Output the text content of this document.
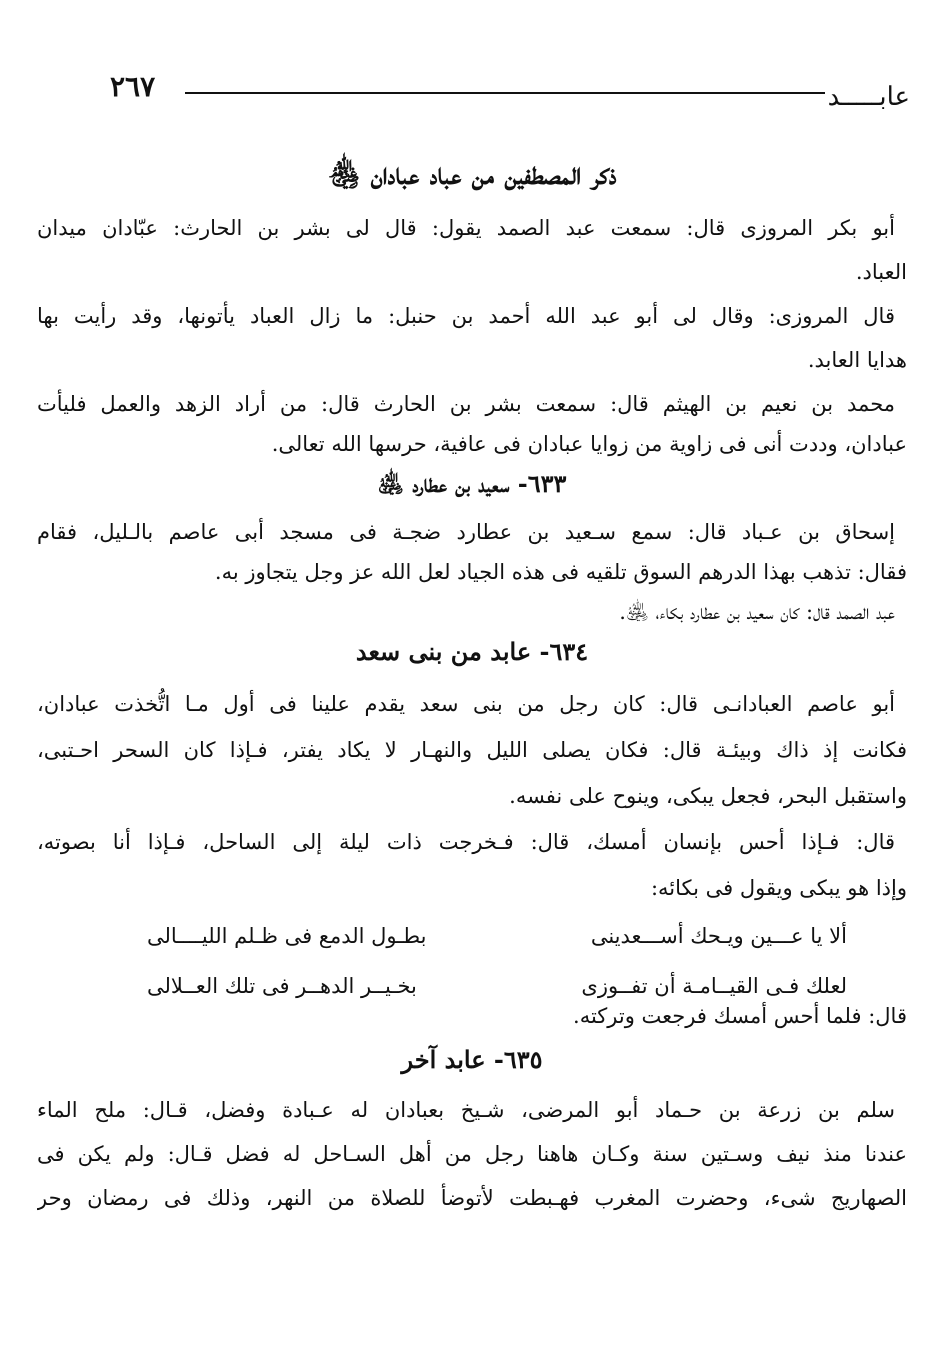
٢٦٧	عابـــــد
ذكر المصطفين من عباد عبادان ﵃
أبو بكر المروزى قال: سمعت عبد الصمد يقول: قال لى بشر بن الحارث: عبّادان ميدان
العباد.
قال المروزى: وقال لى أبو عبد الله أحمد بن حنبل: ما زال العباد يأتونها، وقد رأيت بها
هدايا العابد.
محمد بن نعيم بن الهيثم قال: سمعت بشر بن الحارث قال: من أراد الزهد والعمل فليأت
عبادان، وددت أنى فى زاوية من زوايا عبادان فى عافية، حرسها الله تعالى.
٦٣٣- سعيد بن عطارد ﵁
إسحاق بن عـباد قال: سمع سـعيد بن عطارد ضجـة فى مسجد أبى عاصم بالـليل، فقام
فقال: تذهب بهذا الدرهم السوق تلقيه فى هذه الجياد لعل الله عز وجل يتجاوز به.
عبد الصمد قال: كان سعيد بن عطارد بكاء، ﵁.
٦٣٤- عابد من بنى سعد
أبو عاصم العبادانـى قال: كان رجل من بنى سعد يقدم علينا فى أول مـا اتُّخذت عبادان،
فكانت إذ ذاك وبيئـة قال: فكان يصلى الليل والنهـار لا يكاد يفتر، فـإذا كان السحر احـتبى،
واستقبل البحر، فجعل يبكى، وينوح على نفسه.
قال: فـإذا أحس بإنسان أمسك، قال: فـخرجت ذات ليلة إلى الساحل، فـإذا أنا بصوته،
وإذا هو يبكى ويقول فى بكائه:
ألا يا عـــين ويـحك أســـعدينى
بطـول الدمع فى ظـلم الليــــالى
لعلك فـى القيــامـة أن تفــوزى
بخـيــر الدهــر فى تلك العــلالى
قال: فلما أحس أمسك فرجعت وتركته.
٦٣٥- عابد آخر
سلم بن زرعة بن حـماد أبو المرضى، شـيخ بعبادان له عـبادة وفضل، قـال: ملح الماء
عندنا منذ نيف وسـتين سنة وكـان هاهنا رجل من أهل السـاحل له فضل قـال: ولم يكن فى
الصهاريج شىء، وحضرت المغرب فهـبطت لأتوضأ للصلاة من النهر، وذلك فى رمضان وحر
